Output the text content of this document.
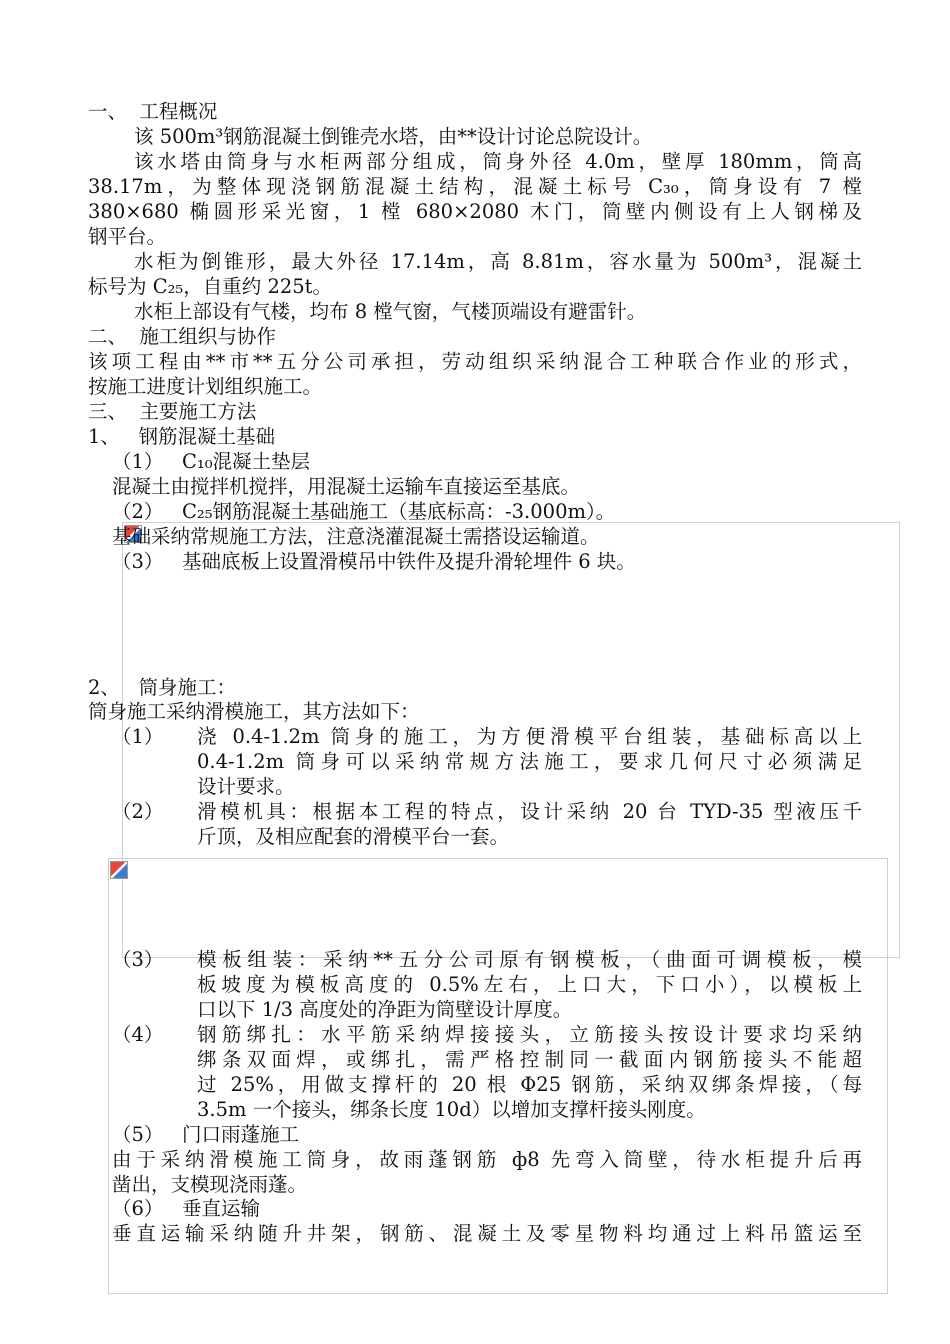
一、  工程概况
该 500m³钢筋混凝土倒锥壳水塔，由**设计讨论总院设计。
该水塔由筒身与水柜两部分组成，筒身外径 4.0m，壁厚 180mm，筒高
38.17m，为整体现浇钢筋混凝土结构，混凝土标号 C₃₀，筒身设有 7 樘
380×680 椭圆形采光窗，1 樘 680×2080 木门，筒壁内侧设有上人钢梯及
钢平台。
水柜为倒锥形，最大外径 17.14m，高 8.81m，容水量为 500m³，混凝土
标号为 C₂₅，自重约 225t。
水柜上部设有气楼，均布 8 樘气窗，气楼顶端设有避雷针。
二、  施工组织与协作
该项工程由**市**五分公司承担，劳动组织采纳混合工种联合作业的形式，
按施工进度计划组织施工。
三、  主要施工方法
1、   钢筋混凝土基础
（1）   C₁₀混凝土垫层
混凝土由搅拌机搅拌，用混凝土运输车直接运至基底。
（2）   C₂₅钢筋混凝土基础施工（基底标高：-3.000m）。
基础采纳常规施工方法，注意浇灌混凝土需搭设运输道。
（3）   基础底板上设置滑模吊中铁件及提升滑轮埋件 6 块。
2、   筒身施工：
筒身施工采纳滑模施工，其方法如下：
（1） 浇 0.4-1.2m 筒身的施工，为方便滑模平台组装，基础标高以上
0.4-1.2m 筒身可以采纳常规方法施工，要求几何尺寸必须满足
设计要求。
（2） 滑模机具：根据本工程的特点，设计采纳 20 台 TYD-35 型液压千
斤顶，及相应配套的滑模平台一套。
（3） 模板组装：采纳**五分公司原有钢模板，（曲面可调模板，模
板坡度为模板高度的 0.5%左右，上口大，下口小），以模板上
口以下 1/3 高度处的净距为筒壁设计厚度。
（4） 钢筋绑扎：水平筋采纳焊接接头，立筋接头按设计要求均采纳
绑条双面焊，或绑扎，需严格控制同一截面内钢筋接头不能超
过 25%，用做支撑杆的 20 根 Φ25 钢筋，采纳双绑条焊接，（每
3.5m 一个接头，绑条长度 10d）以增加支撑杆接头刚度。
（5）   门口雨蓬施工
由于采纳滑模施工筒身，故雨蓬钢筋 ф8 先弯入筒壁，待水柜提升后再
凿出，支模现浇雨蓬。
（6）   垂直运输
垂直运输采纳随升井架，钢筋、混凝土及零星物料均通过上料吊篮运至
